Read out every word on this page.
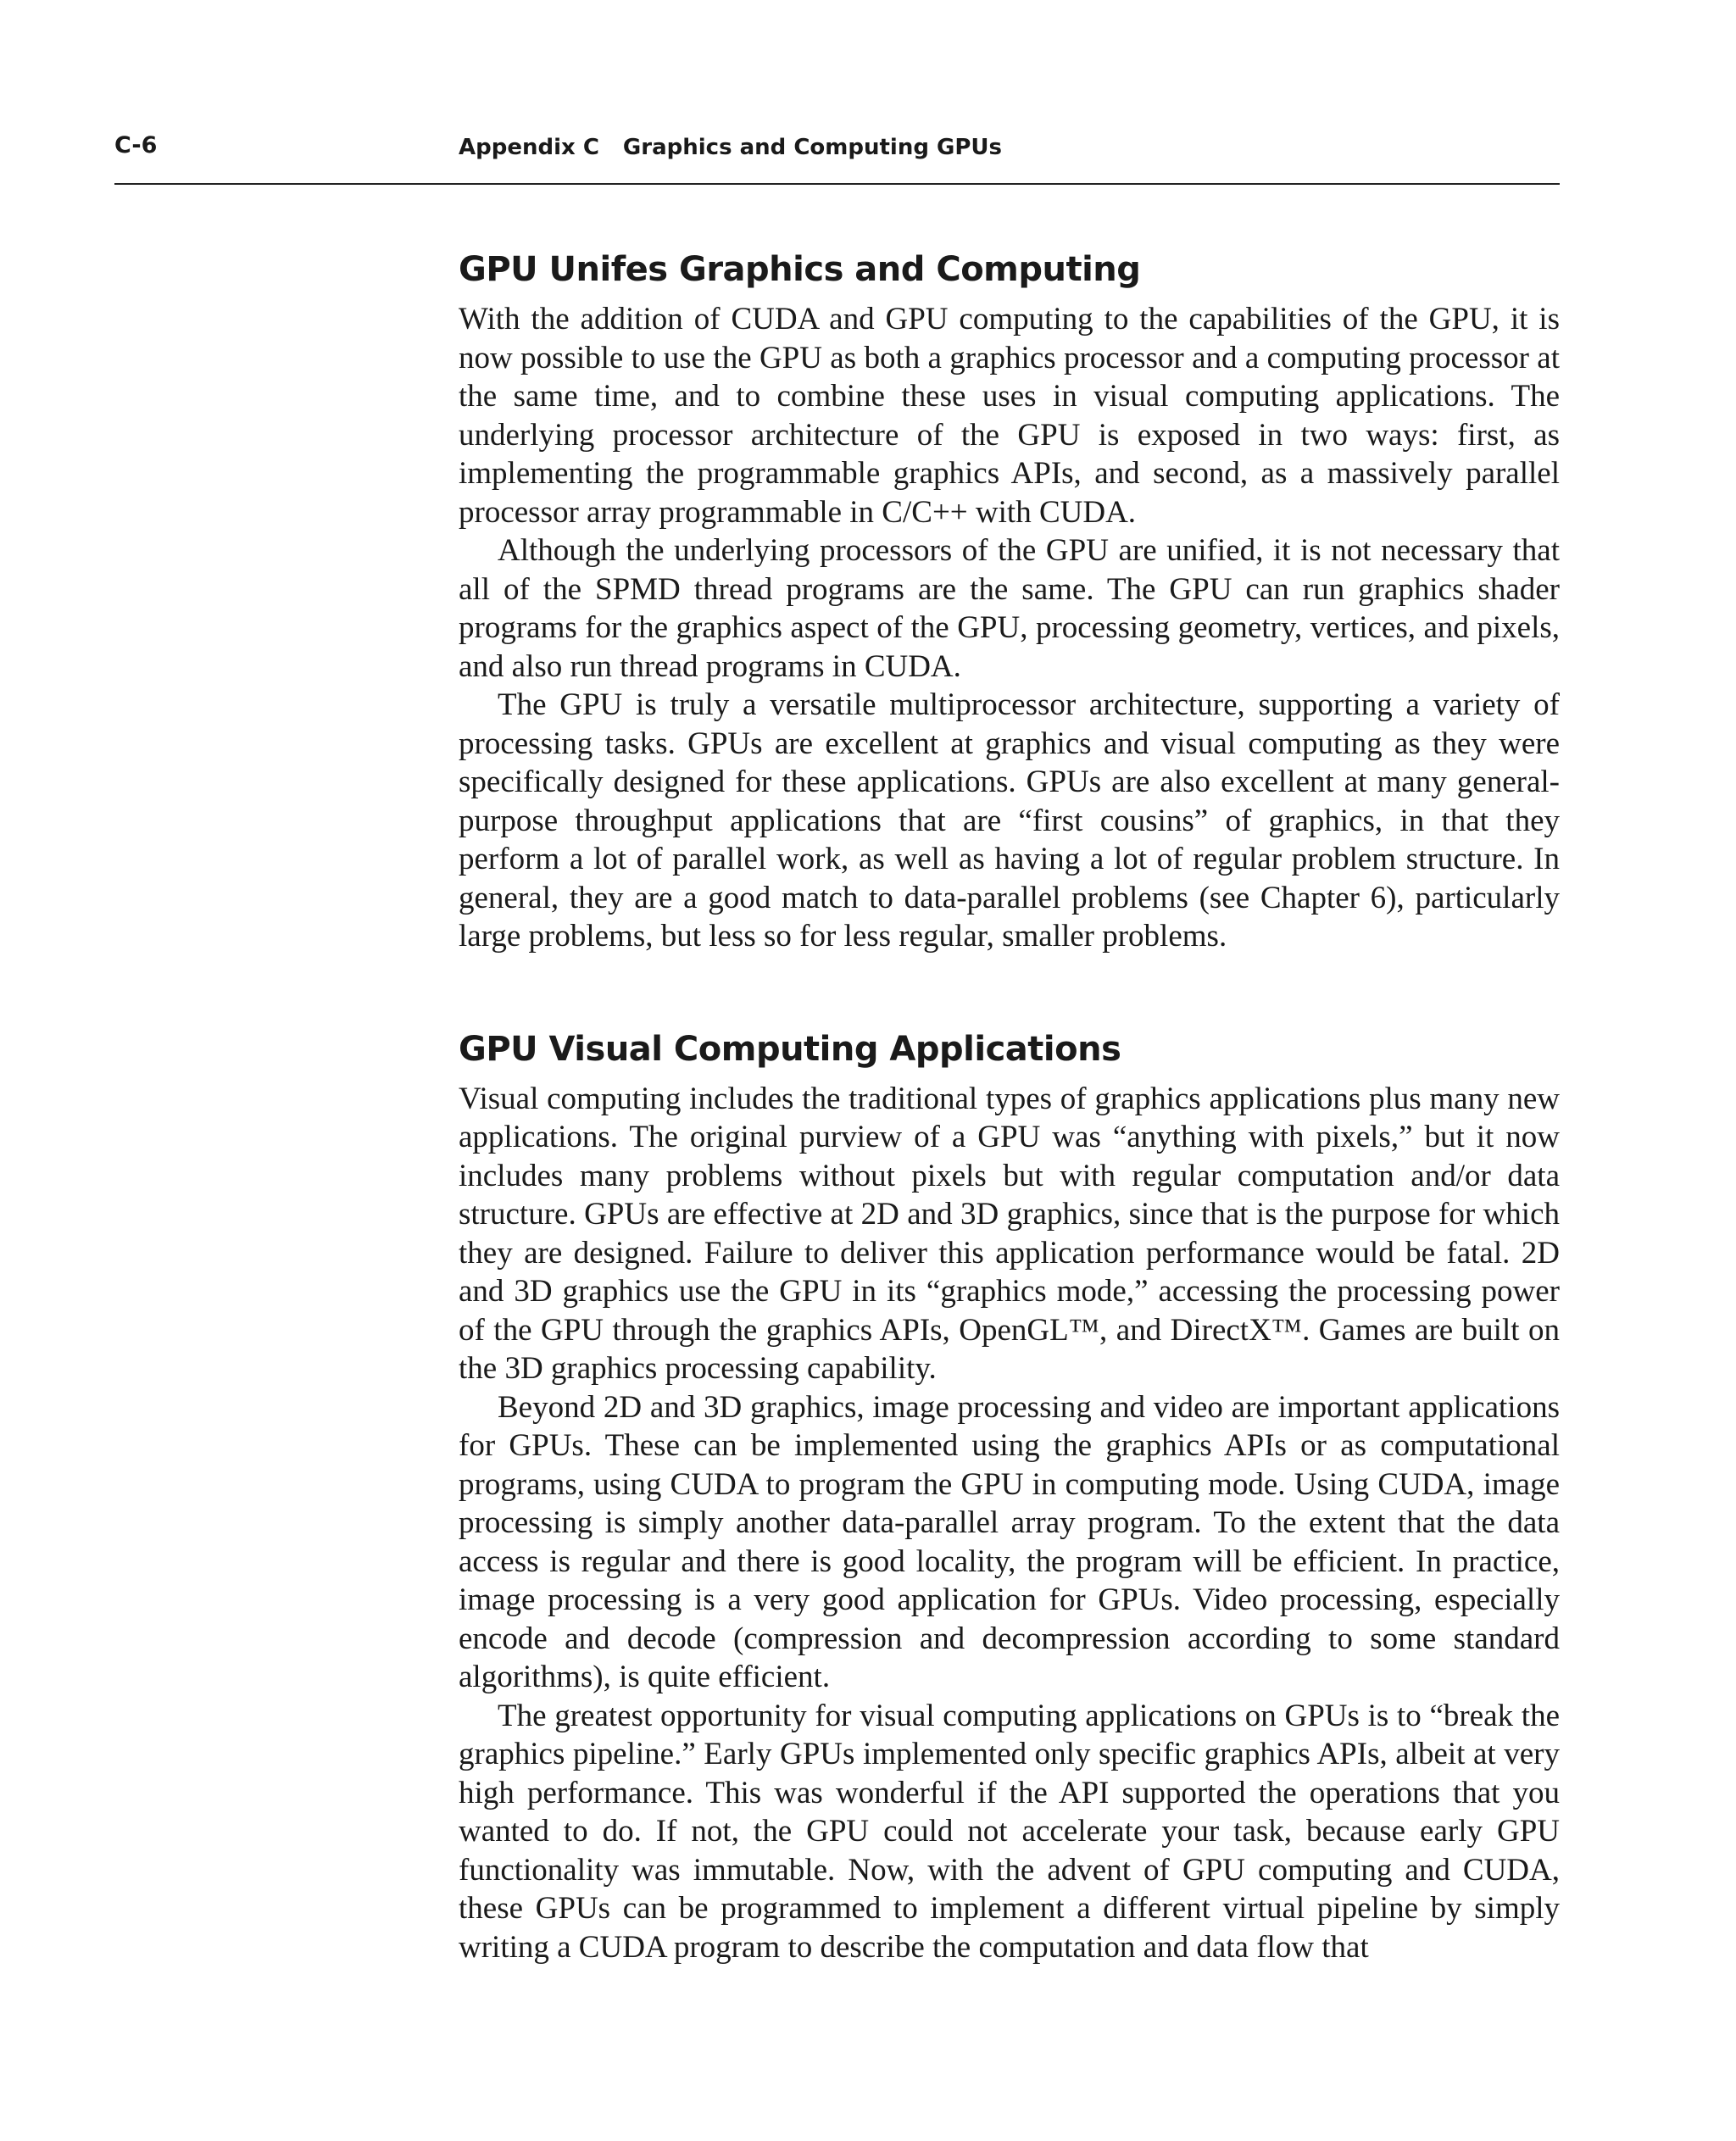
C-6	Appendix C Graphics and Computing GPUs
GPU Unifes Graphics and Computing

With the addition of CUDA and GPU computing to the capabilities of the GPU, it is now possible to use the GPU as both a graphics processor and a computing processor at the same time, and to combine these uses in visual computing applications. The underlying processor architecture of the GPU is exposed in two ways: first, as implementing the programmable graphics APIs, and second, as a massively parallel processor array programmable in C/C++ with CUDA.

Although the underlying processors of the GPU are unified, it is not necessary that all of the SPMD thread programs are the same. The GPU can run graphics shader programs for the graphics aspect of the GPU, processing geometry, vertices, and pixels, and also run thread programs in CUDA.

The GPU is truly a versatile multiprocessor architecture, supporting a variety of processing tasks. GPUs are excellent at graphics and visual computing as they were specifically designed for these applications. GPUs are also excellent at many general-purpose throughput applications that are “first cousins” of graphics, in that they perform a lot of parallel work, as well as having a lot of regular problem structure. In general, they are a good match to data-parallel problems (see Chapter 6), particularly large problems, but less so for less regular, smaller problems.

GPU Visual Computing Applications

Visual computing includes the traditional types of graphics applications plus many new applications. The original purview of a GPU was “anything with pixels,” but it now includes many problems without pixels but with regular computation and/or data structure. GPUs are effective at 2D and 3D graphics, since that is the purpose for which they are designed. Failure to deliver this application performance would be fatal. 2D and 3D graphics use the GPU in its “graphics mode,” accessing the processing power of the GPU through the graphics APIs, OpenGL™, and DirectX™. Games are built on the 3D graphics processing capability.

Beyond 2D and 3D graphics, image processing and video are important applications for GPUs. These can be implemented using the graphics APIs or as computational programs, using CUDA to program the GPU in computing mode. Using CUDA, image processing is simply another data-parallel array program. To the extent that the data access is regular and there is good locality, the program will be efficient. In practice, image processing is a very good application for GPUs. Video processing, especially encode and decode (compression and decompression according to some standard algorithms), is quite efficient.

The greatest opportunity for visual computing applications on GPUs is to “break the graphics pipeline.” Early GPUs implemented only specific graphics APIs, albeit at very high performance. This was wonderful if the API supported the operations that you wanted to do. If not, the GPU could not accelerate your task, because early GPU functionality was immutable. Now, with the advent of GPU computing and CUDA, these GPUs can be programmed to implement a different virtual pipeline by simply writing a CUDA program to describe the computation and data flow that
